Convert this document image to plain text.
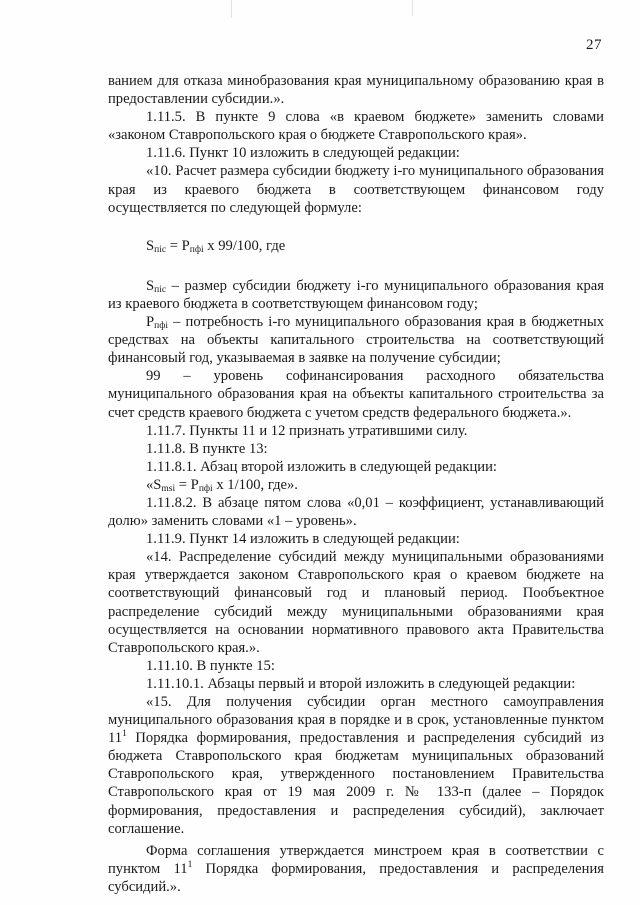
27

ванием для отказа минобразования края муниципальному образованию края в предоставлении субсидии.».

1.11.5. В пункте 9 слова «в краевом бюджете» заменить словами «законом Ставропольского края о бюджете Ставропольского края».

1.11.6. Пункт 10 изложить в следующей редакции:

«10. Расчет размера субсидии бюджету i-го муниципального образования края из краевого бюджета в соответствующем финансовом году осуществляется по следующей формуле:

$S_{піс} = P_{пфі}$ x 99/100, где

$S_{піс}$ – размер субсидии бюджету i-го муниципального образования края из краевого бюджета в соответствующем финансовом году;

$P_{пфі}$ – потребность i-го муниципального образования края в бюджетных средствах на объекты капитального строительства на соответствующий финансовый год, указываемая в заявке на получение субсидии;

99 – уровень софинансирования расходного обязательства муниципального образования края на объекты капитального строительства за счет средств краевого бюджета с учетом средств федерального бюджета.».

1.11.7. Пункты 11 и 12 признать утратившими силу.

1.11.8. В пункте 13:

1.11.8.1. Абзац второй изложить в следующей редакции:

«$S_{msi} = P_{пфі}$ x 1/100, где».

1.11.8.2. В абзаце пятом слова «0,01 – коэффициент, устанавливающий долю» заменить словами «1 – уровень».

1.11.9. Пункт 14 изложить в следующей редакции:

«14. Распределение субсидий между муниципальными образованиями края утверждается законом Ставропольского края о краевом бюджете на соответствующий финансовый год и плановый период. Пообъектное распределение субсидий между муниципальными образованиями края осуществляется на основании нормативного правового акта Правительства Ставропольского края.».

1.11.10. В пункте 15:

1.11.10.1. Абзацы первый и второй изложить в следующей редакции:

«15. Для получения субсидии орган местного самоуправления муниципального образования края в порядке и в срок, установленные пунктом $11^1$ Порядка формирования, предоставления и распределения субсидий из бюджета Ставропольского края бюджетам муниципальных образований Ставропольского края, утвержденного постановлением Правительства Ставропольского края от 19 мая 2009 г. № 133-п (далее – Порядок формирования, предоставления и распределения субсидий), заключает соглашение.

Форма соглашения утверждается минстроем края в соответствии с пунктом $11^1$ Порядка формирования, предоставления и распределения субсидий.».
